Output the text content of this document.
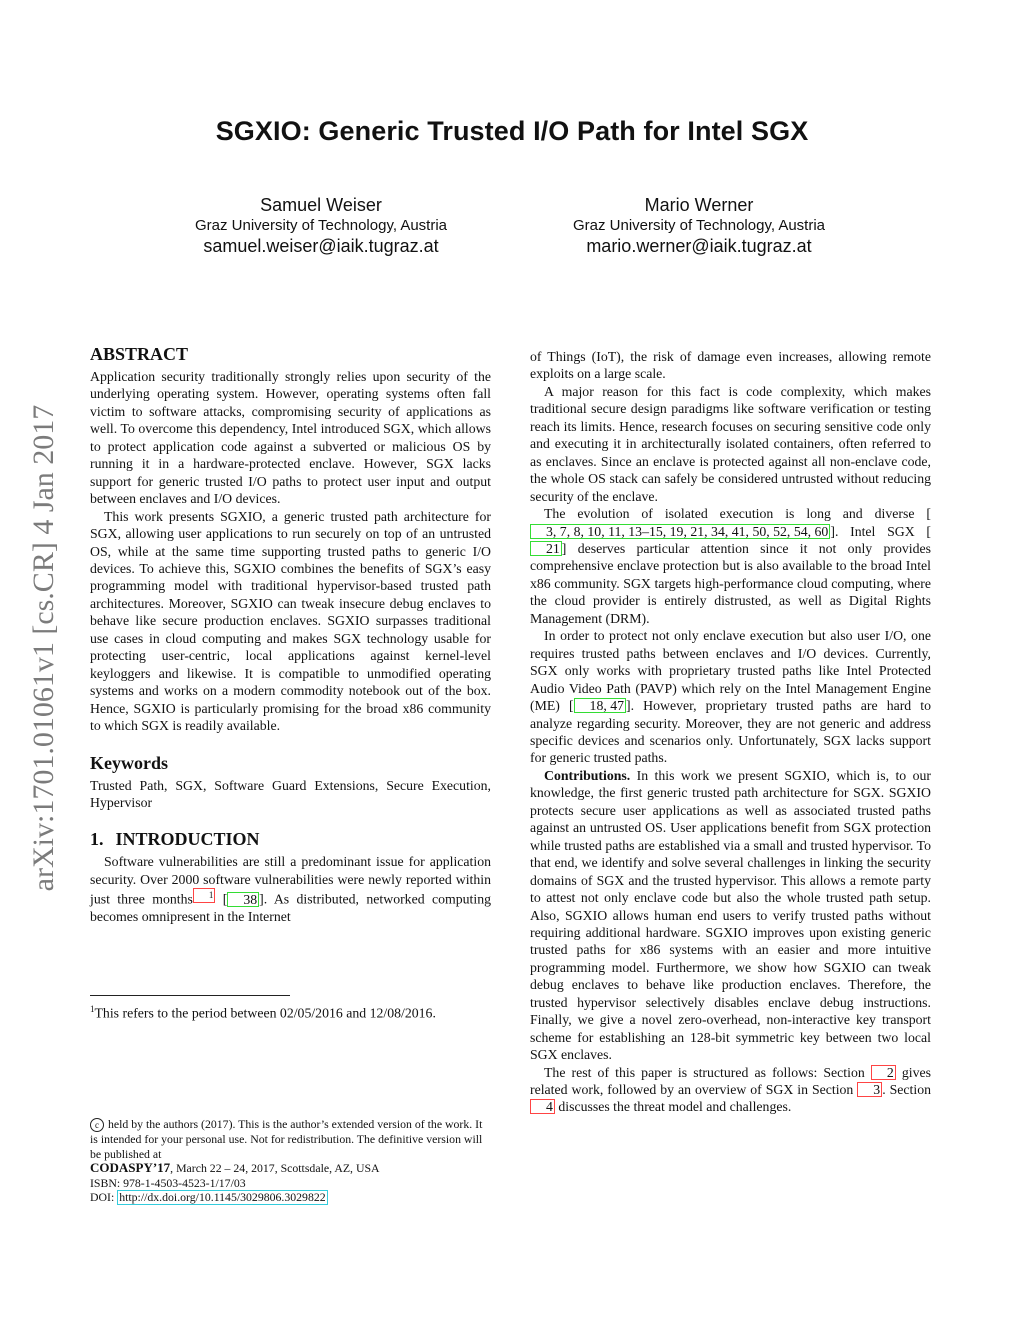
SGXIO: Generic Trusted I/O Path for Intel SGX
Samuel Weiser
Graz University of Technology, Austria
samuel.weiser@iaik.tugraz.at
Mario Werner
Graz University of Technology, Austria
mario.werner@iaik.tugraz.at
arXiv:1701.01061v1 [cs.CR] 4 Jan 2017
ABSTRACT

Application security traditionally strongly relies upon security of the underlying operating system. However, operating systems often fall victim to software attacks, compromising security of applications as well. To overcome this dependency, Intel introduced SGX, which allows to protect application code against a subverted or malicious OS by running it in a hardware-protected enclave. However, SGX lacks support for generic trusted I/O paths to protect user input and output between enclaves and I/O devices.

This work presents SGXIO, a generic trusted path architecture for SGX, allowing user applications to run securely on top of an untrusted OS, while at the same time supporting trusted paths to generic I/O devices. To achieve this, SGXIO combines the benefits of SGX’s easy programming model with traditional hypervisor-based trusted path architectures. Moreover, SGXIO can tweak insecure debug enclaves to behave like secure production enclaves. SGXIO surpasses traditional use cases in cloud computing and makes SGX technology usable for protecting user-centric, local applications against kernel-level keyloggers and likewise. It is compatible to unmodified operating systems and works on a modern commodity notebook out of the box. Hence, SGXIO is particularly promising for the broad x86 community to which SGX is readily available.

Keywords

Trusted Path, SGX, Software Guard Extensions, Secure Execution, Hypervisor

1. INTRODUCTION

Software vulnerabilities are still a predominant issue for application security. Over 2000 software vulnerabilities were newly reported within just three months $^1$ [ 38 ]. As distributed, networked computing becomes omnipresent in the Internet

$^1$This refers to the period between 02/05/2016 and 12/08/2016.
c held by the authors (2017). This is the author’s extended version of the work. It is intended for your personal use. Not for redistribution. The definitive version will be published at
CODASPY’17, March 22 – 24, 2017, Scottsdale, AZ, USA
ISBN: 978-1-4503-4523-1/17/03
DOI: http://dx.doi.org/10.1145/3029806.3029822

of Things (IoT), the risk of damage even increases, allowing remote exploits on a large scale.

A major reason for this fact is code complexity, which makes traditional secure design paradigms like software verification or testing reach its limits. Hence, research focuses on securing sensitive code only and executing it in architecturally isolated containers, often referred to as enclaves. Since an enclave is protected against all non-enclave code, the whole OS stack can safely be considered untrusted without reducing security of the enclave.

The evolution of isolated execution is long and diverse [3, 7, 8, 10, 11, 13–15, 19, 21, 34, 41, 50, 52, 54, 60 ]. Intel SGX [21 ] deserves particular attention since it not only provides comprehensive enclave protection but is also available to the broad Intel x86 community. SGX targets high-performance cloud computing, where the cloud provider is entirely distrusted, as well as Digital Rights Management (DRM).

In order to protect not only enclave execution but also user I/O, one requires trusted paths between enclaves and I/O devices. Currently, SGX only works with proprietary trusted paths like Intel Protected Audio Video Path (PAVP) which rely on the Intel Management Engine (ME) [ 18, 47 ]. However, proprietary trusted paths are hard to analyze regarding security. Moreover, they are not generic and address specific devices and scenarios only. Unfortunately, SGX lacks support for generic trusted paths.

Contributions. In this work we present SGXIO, which is, to our knowledge, the first generic trusted path architecture for SGX. SGXIO protects secure user applications as well as associated trusted paths against an untrusted OS. User applications benefit from SGX protection while trusted paths are established via a small and trusted hypervisor. To that end, we identify and solve several challenges in linking the security domains of SGX and the trusted hypervisor. This allows a remote party to attest not only enclave code but also the whole trusted path setup. Also, SGXIO allows human end users to verify trusted paths without requiring additional hardware. SGXIO improves upon existing generic trusted paths for x86 systems with an easier and more intuitive programming model. Furthermore, we show how SGXIO can tweak debug enclaves to behave like production enclaves. Therefore, the trusted hypervisor selectively disables enclave debug instructions. Finally, we give a novel zero-overhead, non-interactive key transport scheme for establishing an 128-bit symmetric key between two local SGX enclaves.

The rest of this paper is structured as follows: Section 2 gives related work, followed by an overview of SGX in Section 3 . Section 4 discusses the threat model and challenges.
